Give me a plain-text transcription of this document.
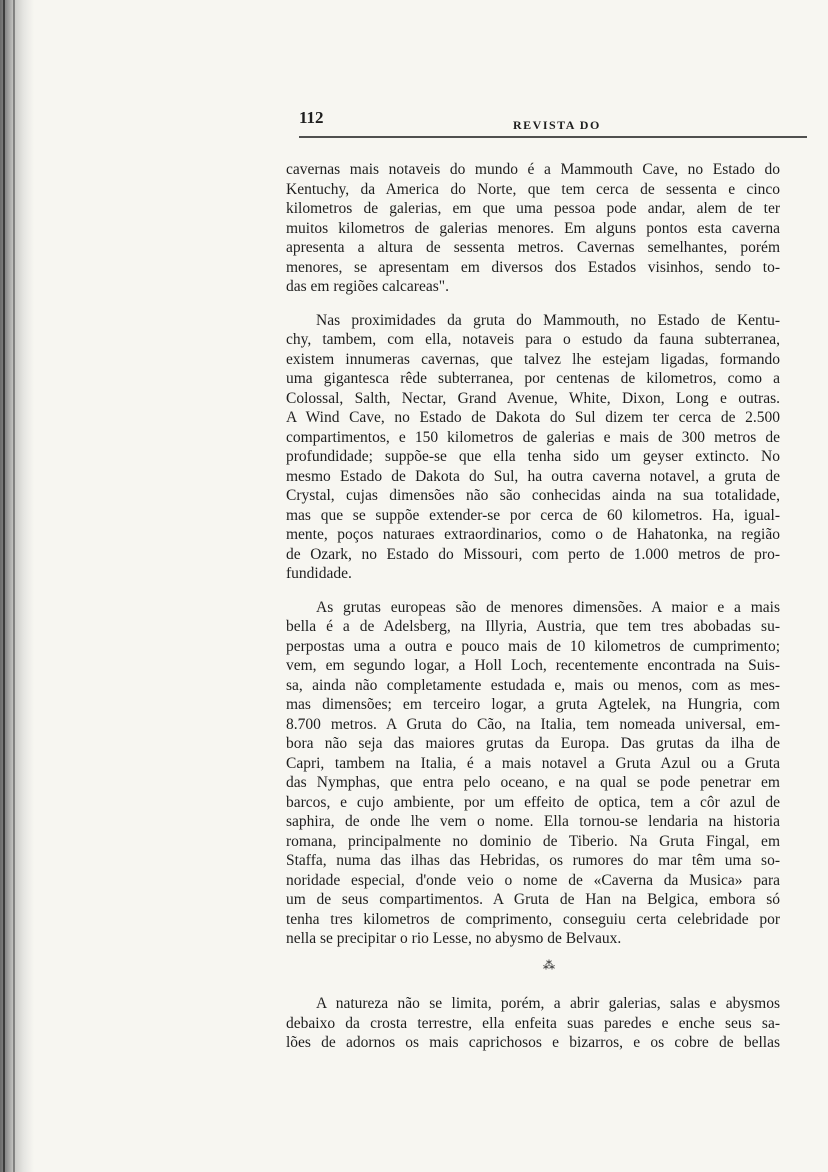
112	REVISTA DO
cavernas mais notaveis do mundo é a Mammouth Cave, no Estado do
Kentuchy, da America do Norte, que tem cerca de sessenta e cinco
kilometros de galerias, em que uma pessoa pode andar, alem de ter
muitos kilometros de galerias menores. Em alguns pontos esta caverna
apresenta a altura de sessenta metros. Cavernas semelhantes, porém
menores, se apresentam em diversos dos Estados visinhos, sendo to-
das em regiões calcareas".
Nas proximidades da gruta do Mammouth, no Estado de Kentu-
chy, tambem, com ella, notaveis para o estudo da fauna subterranea,
existem innumeras cavernas, que talvez lhe estejam ligadas, formando
uma gigantesca rêde subterranea, por centenas de kilometros, como a
Colossal, Salth, Nectar, Grand Avenue, White, Dixon, Long e outras.
A Wind Cave, no Estado de Dakota do Sul dizem ter cerca de 2.500
compartimentos, e 150 kilometros de galerias e mais de 300 metros de
profundidade; suppõe-se que ella tenha sido um geyser extincto. No
mesmo Estado de Dakota do Sul, ha outra caverna notavel, a gruta de
Crystal, cujas dimensões não são conhecidas ainda na sua totalidade,
mas que se suppõe extender-se por cerca de 60 kilometros. Ha, igual-
mente, poços naturaes extraordinarios, como o de Hahatonka, na região
de Ozark, no Estado do Missouri, com perto de 1.000 metros de pro-
fundidade.
As grutas europeas são de menores dimensões. A maior e a mais
bella é a de Adelsberg, na Illyria, Austria, que tem tres abobadas su-
perpostas uma a outra e pouco mais de 10 kilometros de cumprimento;
vem, em segundo logar, a Holl Loch, recentemente encontrada na Suis-
sa, ainda não completamente estudada e, mais ou menos, com as mes-
mas dimensões; em terceiro logar, a gruta Agtelek, na Hungria, com
8.700 metros. A Gruta do Cão, na Italia, tem nomeada universal, em-
bora não seja das maiores grutas da Europa. Das grutas da ilha de
Capri, tambem na Italia, é a mais notavel a Gruta Azul ou a Gruta
das Nymphas, que entra pelo oceano, e na qual se pode penetrar em
barcos, e cujo ambiente, por um effeito de optica, tem a côr azul de
saphira, de onde lhe vem o nome. Ella tornou-se lendaria na historia
romana, principalmente no dominio de Tiberio. Na Gruta Fingal, em
Staffa, numa das ilhas das Hebridas, os rumores do mar têm uma so-
noridade especial, d'onde veio o nome de «Caverna da Musica» para
um de seus compartimentos. A Gruta de Han na Belgica, embora só
tenha tres kilometros de comprimento, conseguiu certa celebridade por
nella se precipitar o rio Lesse, no abysmo de Belvaux.
⁂
A natureza não se limita, porém, a abrir galerias, salas e abysmos
debaixo da crosta terrestre, ella enfeita suas paredes e enche seus sa-
lões de adornos os mais caprichosos e bizarros, e os cobre de bellas
